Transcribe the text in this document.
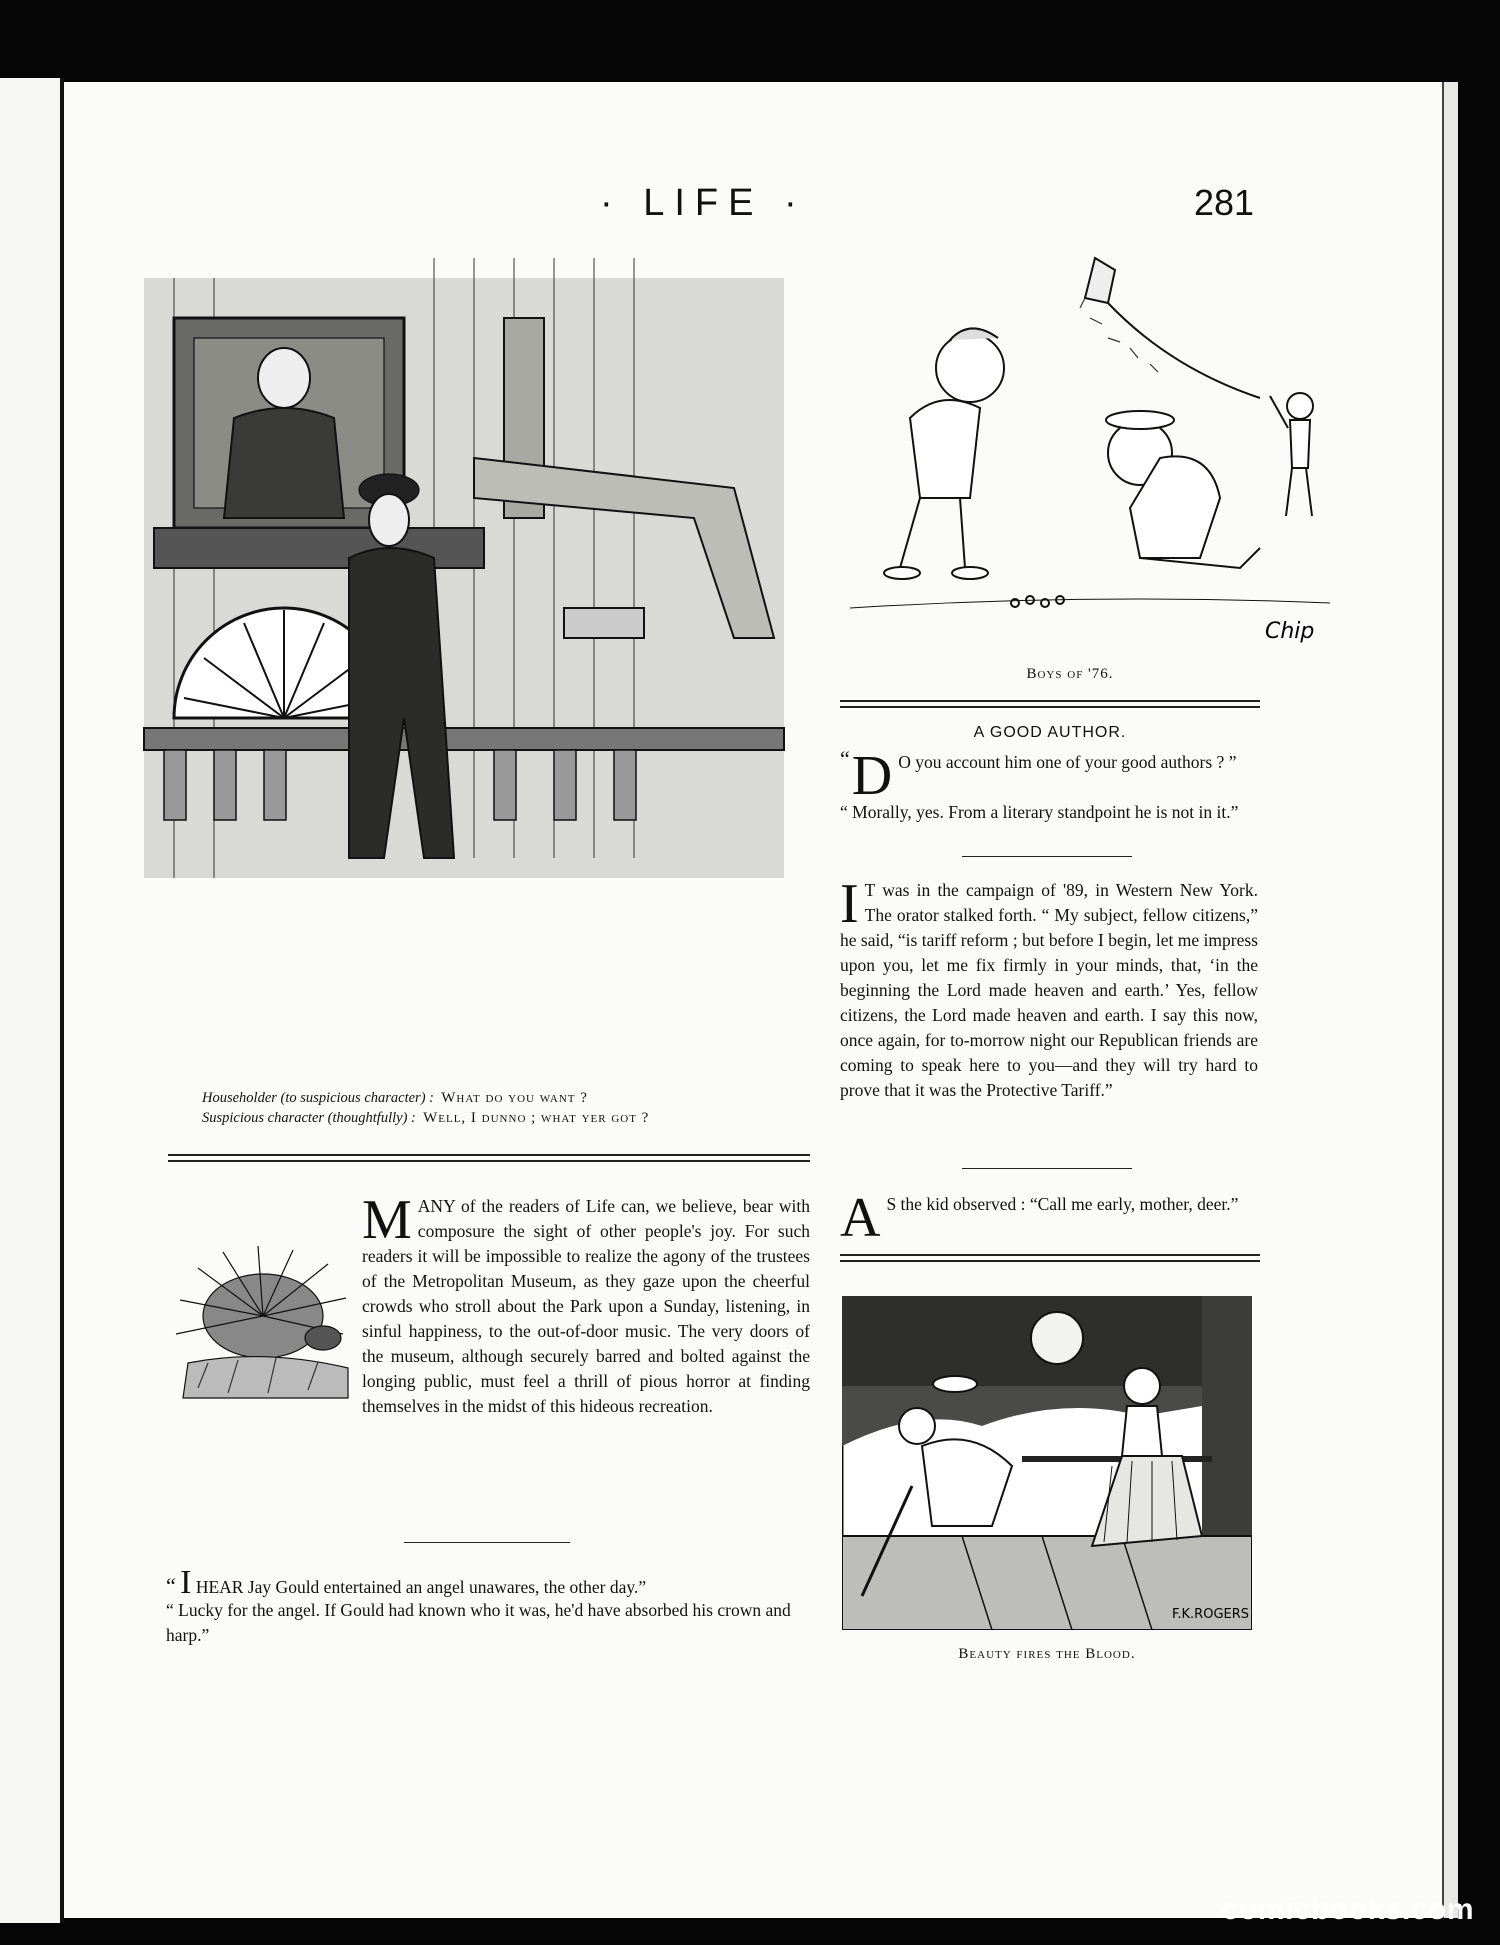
· LIFE ·	281
Householder (to suspicious character) : What do you want ?
Suspicious character (thoughtfully) : Well, I dunno ; what yer got ?
MANY of the readers of Life can, we believe, bear with composure the sight of other people's joy. For such readers it will be impossible to realize the agony of the trustees of the Metropolitan Museum, as they gaze upon the cheerful crowds who stroll about the Park upon a Sunday, listening, in sinful happiness, to the out-of-door music. The very doors of the museum, although securely barred and bolted against the longing public, must feel a thrill of pious horror at finding themselves in the midst of this hideous recreation.
“ I HEAR Jay Gould entertained an angel unawares, the other day.”
“ Lucky for the angel. If Gould had known who it was, he'd have absorbed his crown and harp.”
Chip
Boys of '76.
A GOOD AUTHOR.
“ D O you account him one of your good authors ? ”
“ Morally, yes. From a literary standpoint he is not in it.”
I T was in the campaign of '89, in Western New York. The orator stalked forth. “ My subject, fellow citizens,” he said, “is tariff reform ; but before I begin, let me impress upon you, let me fix firmly in your minds, that, ‘in the beginning the Lord made heaven and earth.’ Yes, fellow citizens, the Lord made heaven and earth. I say this now, once again, for to-morrow night our Republican friends are coming to speak here to you—and they will try hard to prove that it was the Protective Tariff.”
A S the kid observed : “Call me early, mother, deer.”
F.K.ROGERS
Beauty fires the Blood.
comicbooks.com
